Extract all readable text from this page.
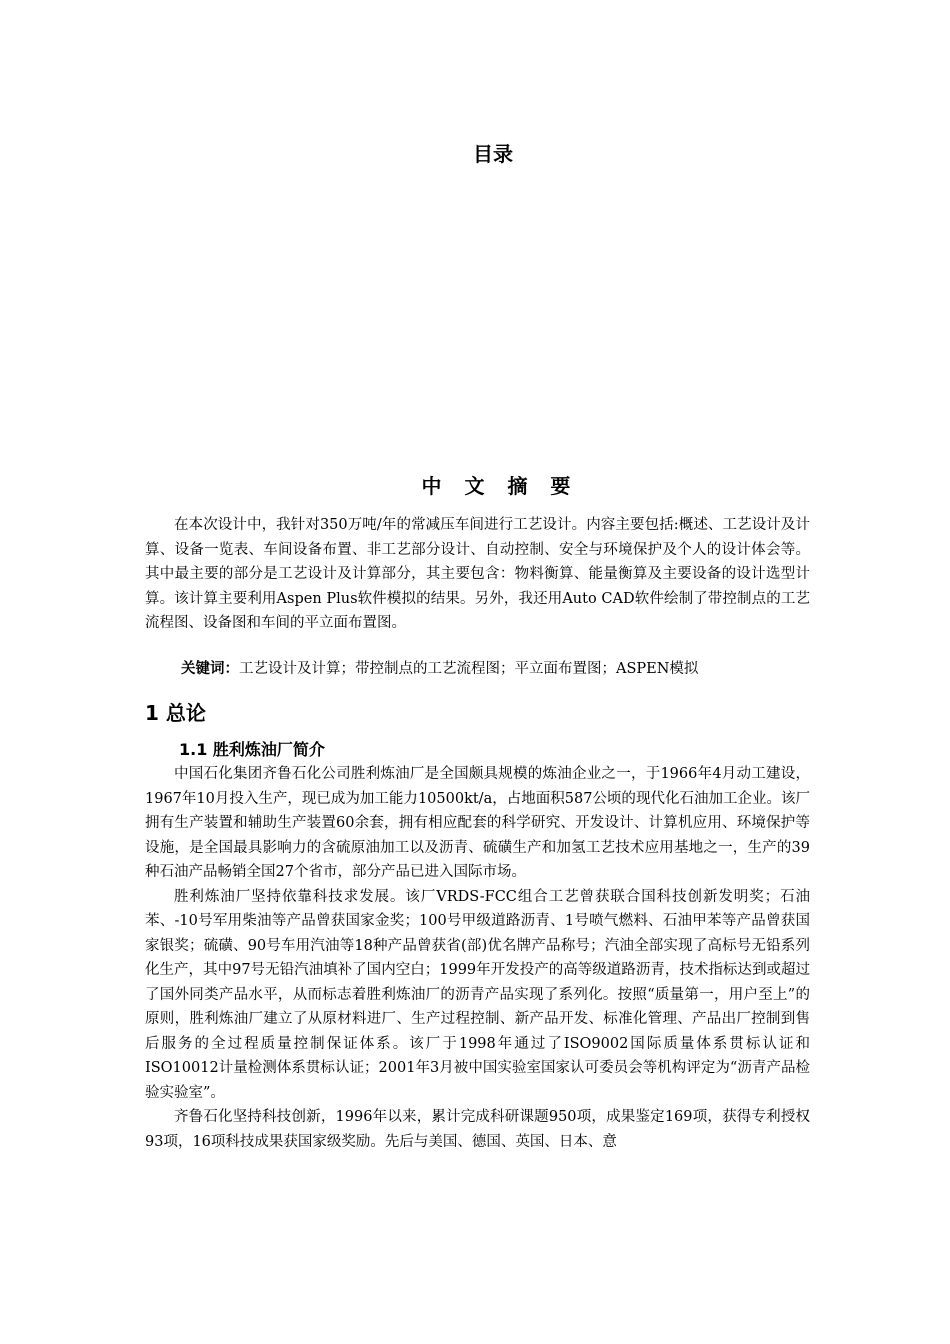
目录
中 文 摘 要

在本次设计中，我针对350万吨/年的常减压车间进行工艺设计。内容主要包括:概述、工艺设计及计算、设备一览表、车间设备布置、非工艺部分设计、自动控制、安全与环境保护及个人的设计体会等。其中最主要的部分是工艺设计及计算部分，其主要包含：物料衡算、能量衡算及主要设备的设计选型计算。该计算主要利用Aspen Plus软件模拟的结果。另外，我还用Auto CAD软件绘制了带控制点的工艺流程图、设备图和车间的平立面布置图。

关键词：工艺设计及计算；带控制点的工艺流程图；平立面布置图；ASPEN模拟

1 总论
1.1 胜利炼油厂简介

中国石化集团齐鲁石化公司胜利炼油厂是全国颇具规模的炼油企业之一，于1966年4月动工建设，1967年10月投入生产，现已成为加工能力10500kt/a，占地面积587公顷的现代化石油加工企业。该厂拥有生产装置和辅助生产装置60余套，拥有相应配套的科学研究、开发设计、计算机应用、环境保护等设施，是全国最具影响力的含硫原油加工以及沥青、硫磺生产和加氢工艺技术应用基地之一，生产的39种石油产品畅销全国27个省市，部分产品已进入国际市场。

胜利炼油厂坚持依靠科技求发展。该厂VRDS-FCC组合工艺曾获联合国科技创新发明奖；石油苯、-10号军用柴油等产品曾获国家金奖；100号甲级道路沥青、1号喷气燃料、石油甲苯等产品曾获国家银奖；硫磺、90号车用汽油等18种产品曾获省(部)优名牌产品称号；汽油全部实现了高标号无铅系列化生产，其中97号无铅汽油填补了国内空白；1999年开发投产的高等级道路沥青，技术指标达到或超过了国外同类产品水平，从而标志着胜利炼油厂的沥青产品实现了系列化。按照“质量第一，用户至上”的原则，胜利炼油厂建立了从原材料进厂、生产过程控制、新产品开发、标准化管理、产品出厂控制到售后服务的全过程质量控制保证体系。该厂于1998年通过了ISO9002国际质量体系贯标认证和ISO10012计量检测体系贯标认证；2001年3月被中国实验室国家认可委员会等机构评定为“沥青产品检验实验室”。

齐鲁石化坚持科技创新，1996年以来，累计完成科研课题950项，成果鉴定169项，获得专利授权93项，16项科技成果获国家级奖励。先后与美国、德国、英国、日本、意
